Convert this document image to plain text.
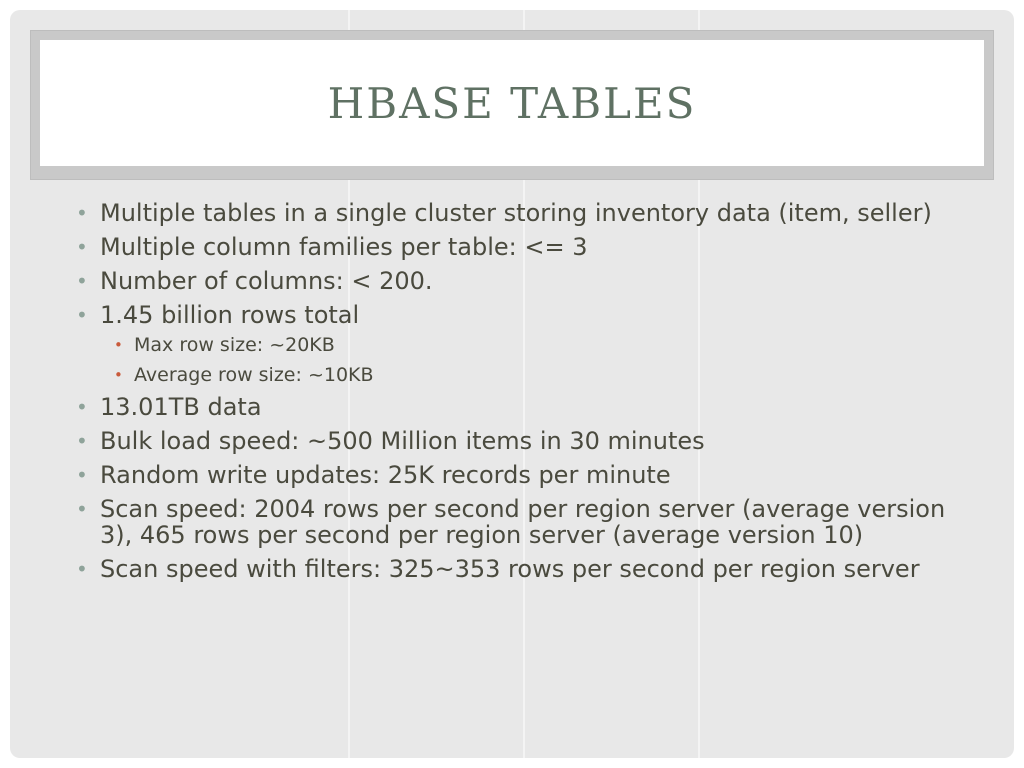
HBASE TABLES
• Multiple tables in a single cluster storing inventory data (item, seller)
• Multiple column families per table: <= 3
• Number of columns: < 200.
• 1.45 billion rows total
• Max row size: ~20KB
• Average row size: ~10KB
• 13.01TB data
• Bulk load speed: ~500 Million items in 30 minutes
• Random write updates: 25K records per minute
• Scan speed: 2004 rows per second per region server (average version 3), 465 rows per second per region server (average version 10)
• Scan speed with filters: 325~353 rows per second per region server
